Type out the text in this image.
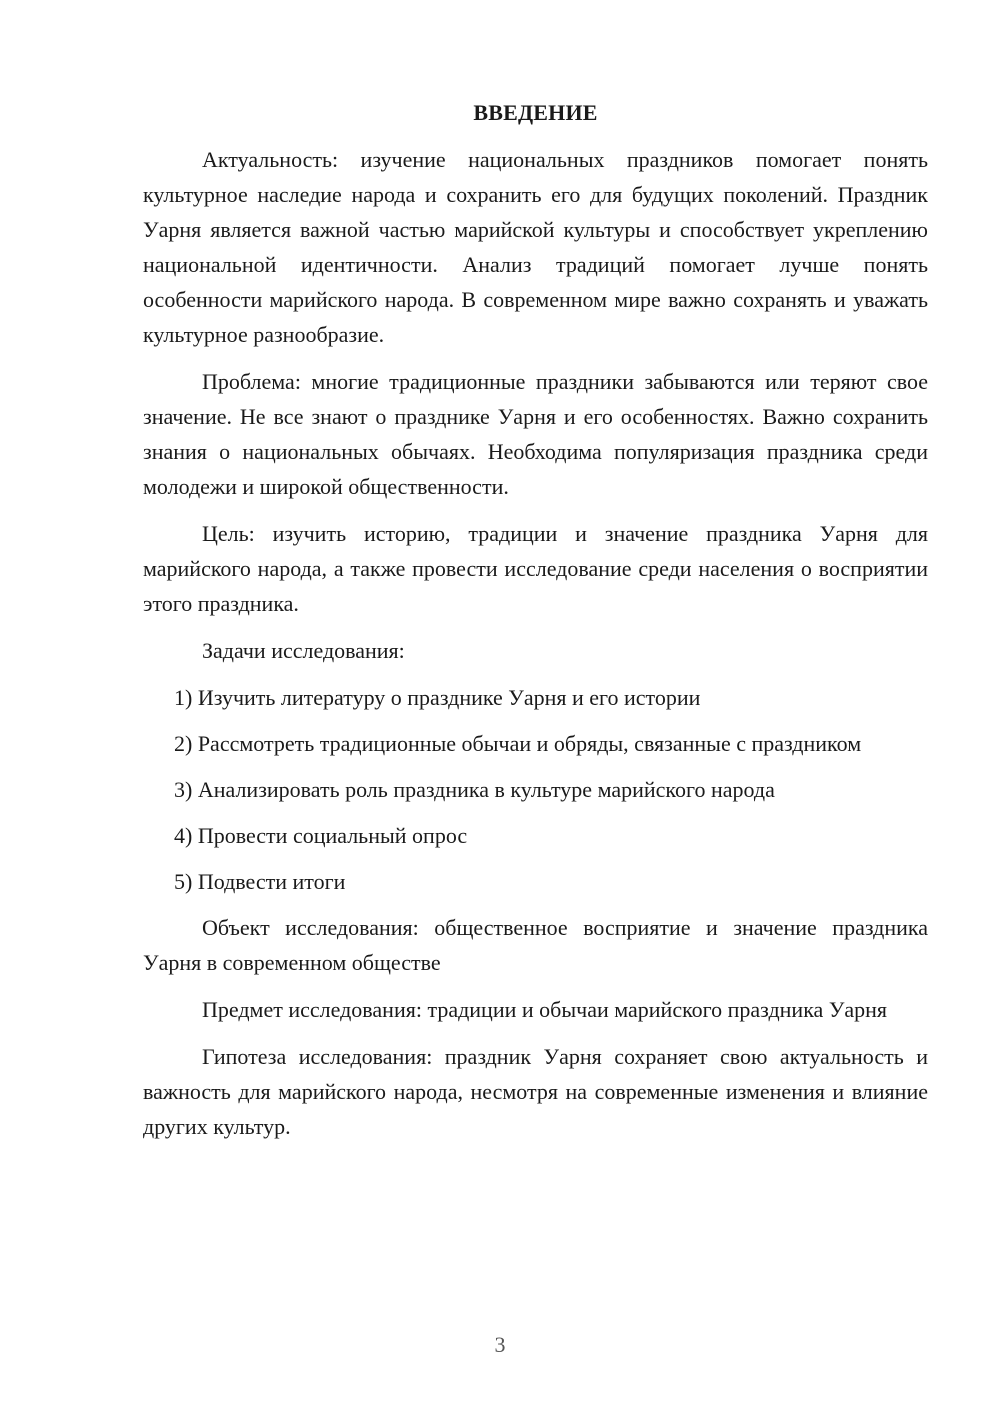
ВВЕДЕНИЕ

Актуальность: изучение национальных праздников помогает понять культурное наследие народа и сохранить его для будущих поколений. Праздник Уарня является важной частью марийской культуры и способствует укреплению национальной идентичности. Анализ традиций помогает лучше понять особенности марийского народа. В современном мире важно сохранять и уважать культурное разнообразие.

Проблема: многие традиционные праздники забываются или теряют свое значение. Не все знают о празднике Уарня и его особенностях. Важно сохранить знания о национальных обычаях. Необходима популяризация праздника среди молодежи и широкой общественности.

Цель: изучить историю, традиции и значение праздника Уарня для марийского народа, а также провести исследование среди населения о восприятии этого праздника.

Задачи исследования:

1) Изучить литературу о празднике Уарня и его истории

2) Рассмотреть традиционные обычаи и обряды, связанные с праздником

3) Анализировать роль праздника в культуре марийского народа

4) Провести социальный опрос

5) Подвести итоги

Объект исследования: общественное восприятие и значение праздника Уарня в современном обществе

Предмет исследования: традиции и обычаи марийского праздника Уарня

Гипотеза исследования: праздник Уарня сохраняет свою актуальность и важность для марийского народа, несмотря на современные изменения и влияние других культур.

3
